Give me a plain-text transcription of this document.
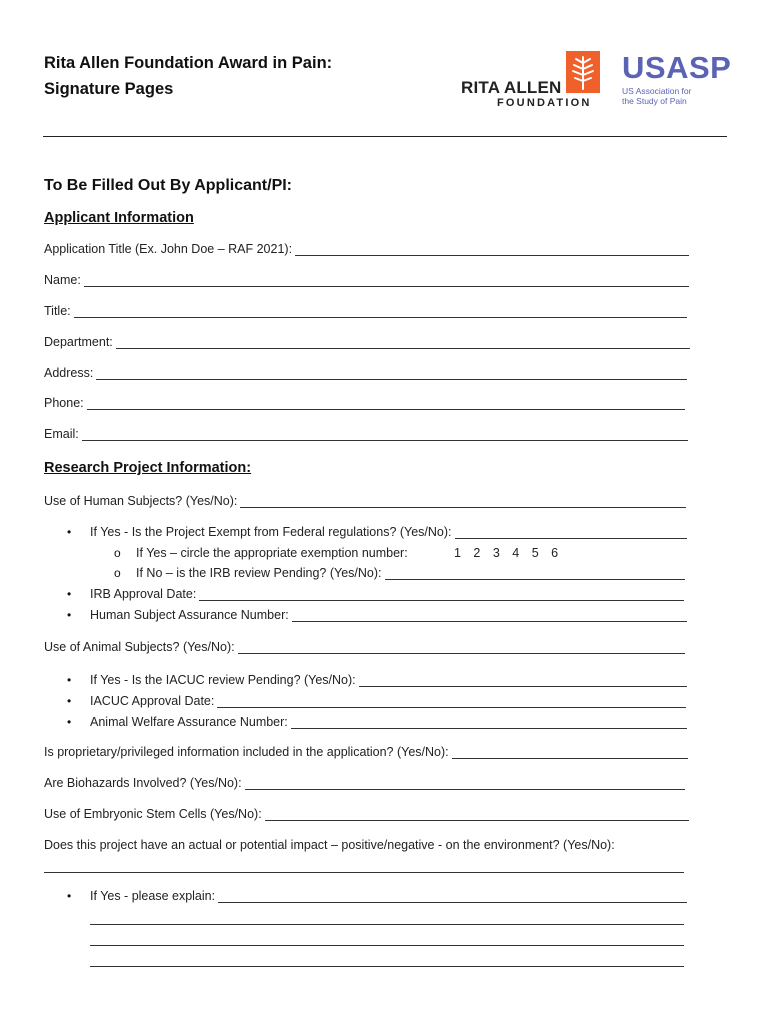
Rita Allen Foundation Award in Pain:
Signature Pages	RITA ALLEN
FOUNDATION
USASP
US Association for
the Study of Pain
To Be Filled Out By Applicant/PI:
Applicant Information
Application Title (Ex. John Doe – RAF 2021):
Name:
Title:
Department:
Address:
Phone:
Email:
Research Project Information:
Use of Human Subjects? (Yes/No):
• If Yes - Is the Project Exempt from Federal regulations? (Yes/No):
o If Yes – circle the appropriate exemption number:	1 2 3 4 5 6
o If No – is the IRB review Pending? (Yes/No):
• IRB Approval Date:
• Human Subject Assurance Number:
Use of Animal Subjects? (Yes/No):
• If Yes - Is the IACUC review Pending? (Yes/No):
• IACUC Approval Date:
• Animal Welfare Assurance Number:
Is proprietary/privileged information included in the application? (Yes/No):
Are Biohazards Involved? (Yes/No):
Use of Embryonic Stem Cells (Yes/No):
Does this project have an actual or potential impact – positive/negative - on the environment? (Yes/No):
• If Yes - please explain:
